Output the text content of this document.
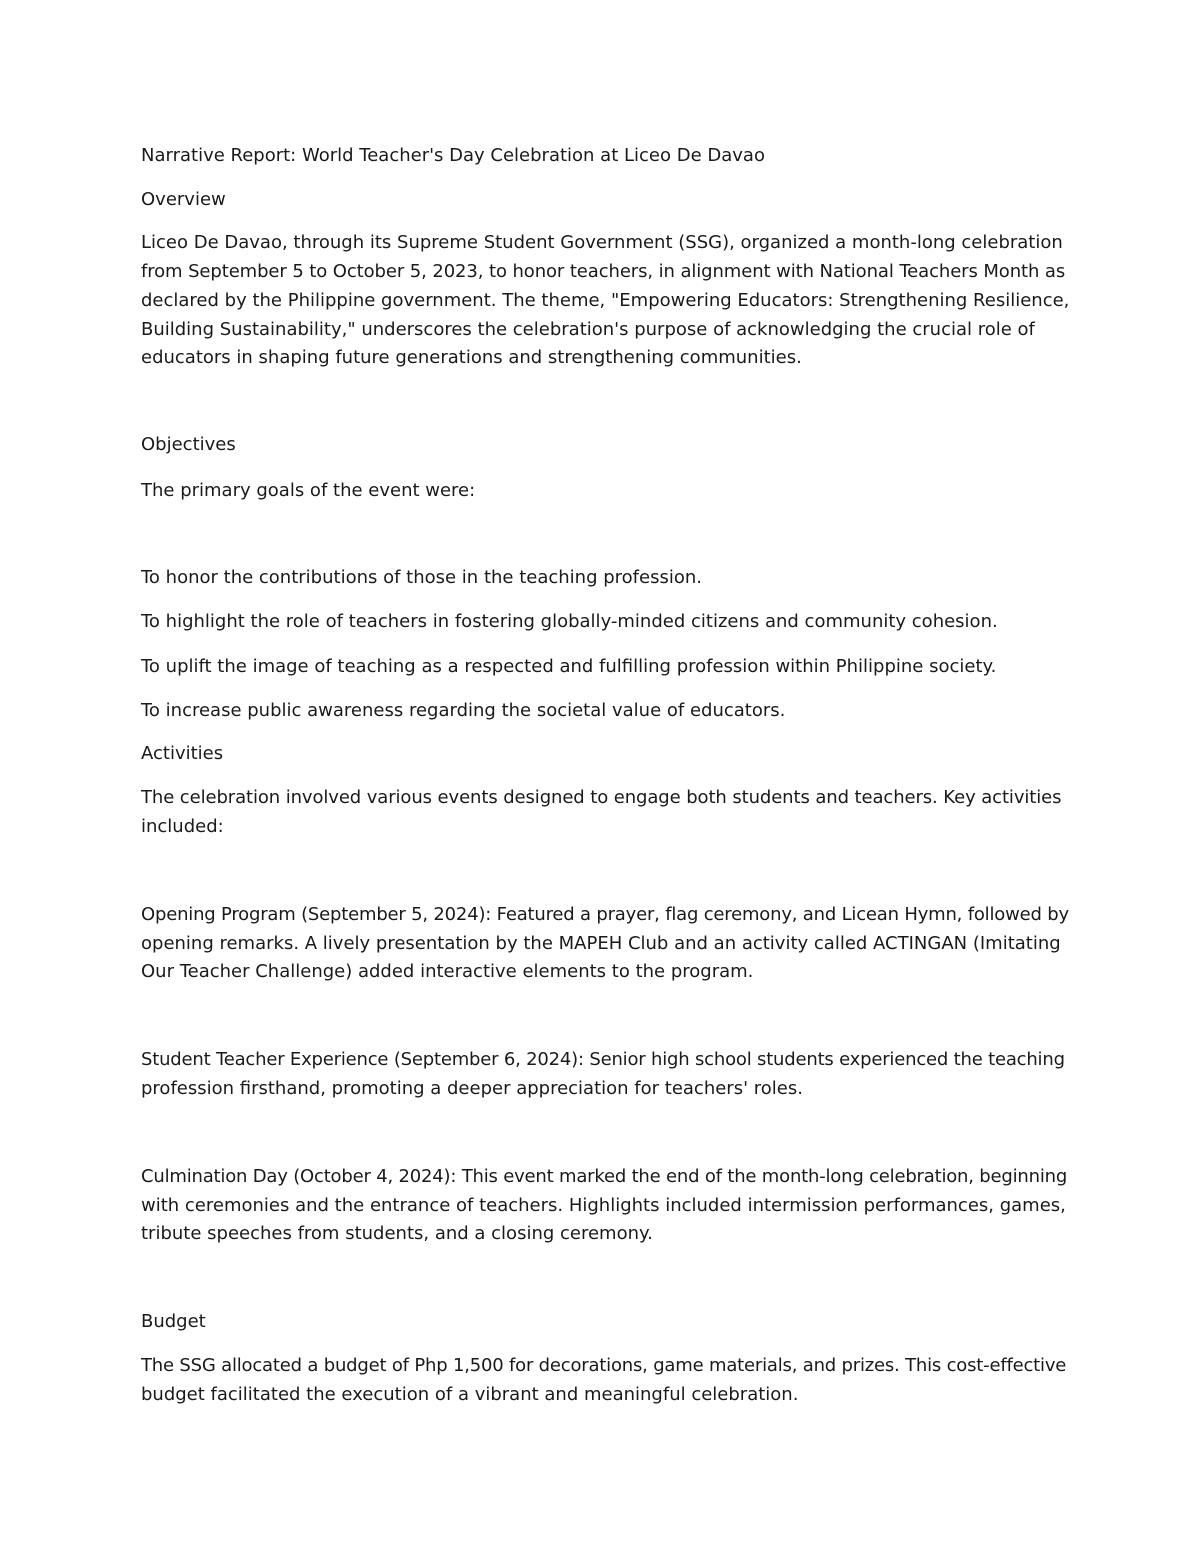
Narrative Report: World Teacher's Day Celebration at Liceo De Davao
Overview
Liceo De Davao, through its Supreme Student Government (SSG), organized a month-long celebration
from September 5 to October 5, 2023, to honor teachers, in alignment with National Teachers Month as
declared by the Philippine government. The theme, "Empowering Educators: Strengthening Resilience,
Building Sustainability," underscores the celebration's purpose of acknowledging the crucial role of
educators in shaping future generations and strengthening communities.
Objectives
The primary goals of the event were:
To honor the contributions of those in the teaching profession.
To highlight the role of teachers in fostering globally-minded citizens and community cohesion.
To uplift the image of teaching as a respected and fulfilling profession within Philippine society.
To increase public awareness regarding the societal value of educators.
Activities
The celebration involved various events designed to engage both students and teachers. Key activities
included:
Opening Program (September 5, 2024): Featured a prayer, flag ceremony, and Licean Hymn, followed by
opening remarks. A lively presentation by the MAPEH Club and an activity called ACTINGAN (Imitating
Our Teacher Challenge) added interactive elements to the program.
Student Teacher Experience (September 6, 2024): Senior high school students experienced the teaching
profession firsthand, promoting a deeper appreciation for teachers' roles.
Culmination Day (October 4, 2024): This event marked the end of the month-long celebration, beginning
with ceremonies and the entrance of teachers. Highlights included intermission performances, games,
tribute speeches from students, and a closing ceremony.
Budget
The SSG allocated a budget of Php 1,500 for decorations, game materials, and prizes. This cost-effective
budget facilitated the execution of a vibrant and meaningful celebration.
